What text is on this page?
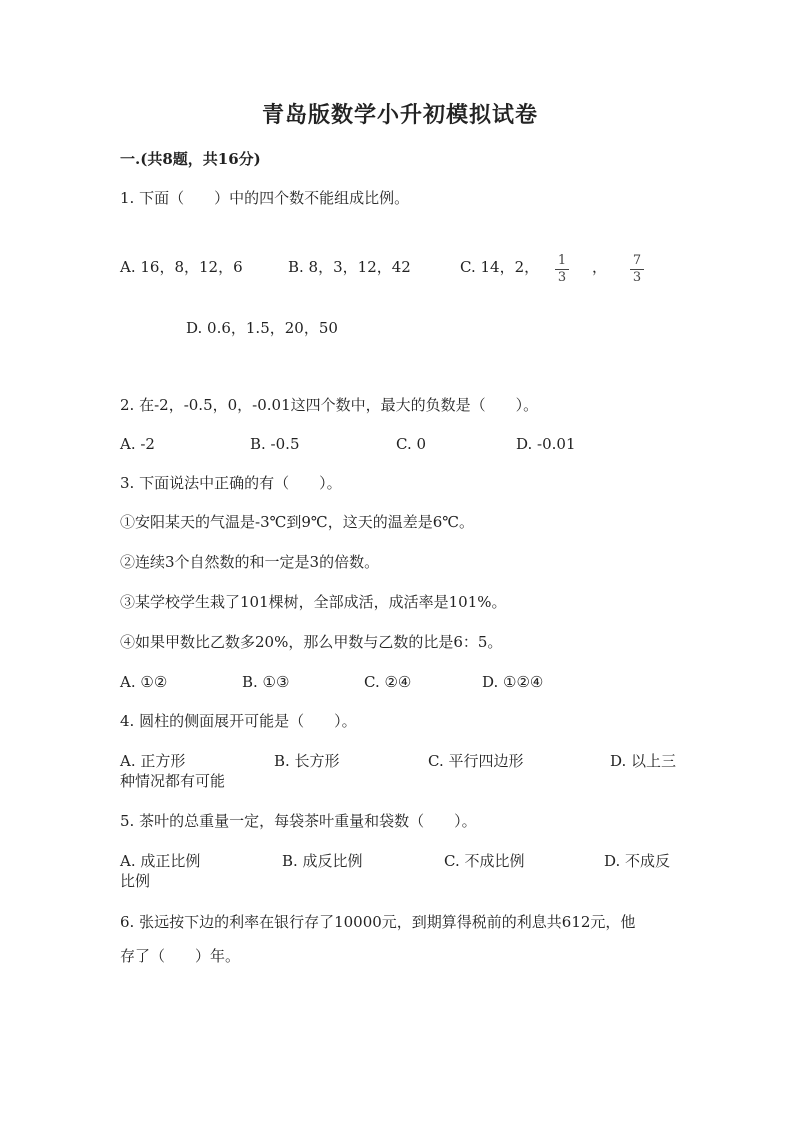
青岛版数学小升初模拟试卷
一.(共8题，共16分)
1. 下面（　　）中的四个数不能组成比例。
A. 16，8，12，6	B. 8，3，12，42	C. 14，2， 1
3
， 7
3
D. 0.6，1.5，20，50
2. 在-2，-0.5，0，-0.01这四个数中，最大的负数是（　　）。
A. -2	B. -0.5	C. 0	D. -0.01
3. 下面说法中正确的有（　　）。
①安阳某天的气温是-3℃到9℃，这天的温差是6℃。
②连续3个自然数的和一定是3的倍数。
③某学校学生栽了101棵树，全部成活，成活率是101%。
④如果甲数比乙数多20%，那么甲数与乙数的比是6：5。
A. ①②	B. ①③	C. ②④	D. ①②④
4. 圆柱的侧面展开可能是（　　）。
A. 正方形	B. 长方形	C. 平行四边形	D. 以上三
种情况都有可能
5. 茶叶的总重量一定，每袋茶叶重量和袋数（　　）。
A. 成正比例	B. 成反比例	C. 不成比例	D. 不成反
比例
6. 张远按下边的利率在银行存了10000元，到期算得税前的利息共612元，他
存了（　　）年。
